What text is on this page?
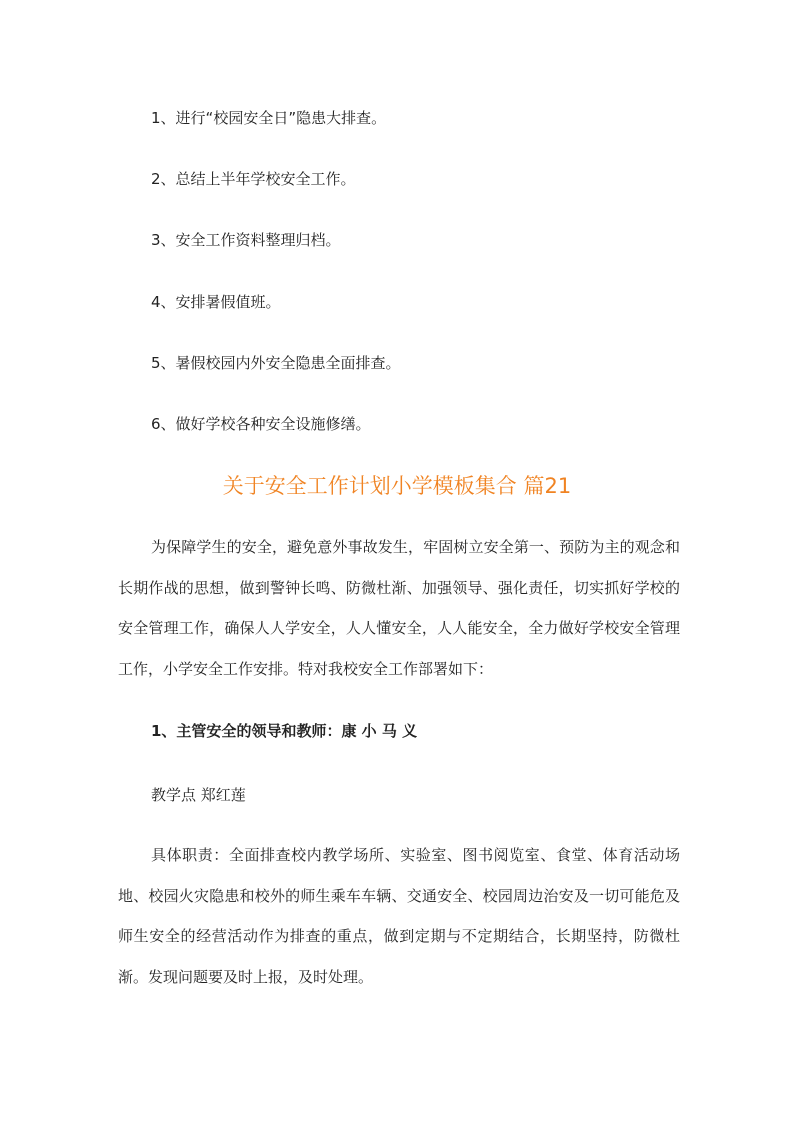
1、进行“校园安全日”隐患大排查。
2、总结上半年学校安全工作。
3、安全工作资料整理归档。
4、安排暑假值班。
5、暑假校园内外安全隐患全面排查。
6、做好学校各种安全设施修缮。
关于安全工作计划小学模板集合 篇21

为保障学生的安全，避免意外事故发生，牢固树立安全第一、预防为主的观念和长期作战的思想，做到警钟长鸣、防微杜渐、加强领导、强化责任，切实抓好学校的安全管理工作，确保人人学安全，人人懂安全，人人能安全，全力做好学校安全管理工作，小学安全工作安排。特对我校安全工作部署如下：

1、主管安全的领导和教师：康 小 马 义
教学点 郑红莲

具体职责：全面排查校内教学场所、实验室、图书阅览室、食堂、体育活动场地、校园火灾隐患和校外的师生乘车车辆、交通安全、校园周边治安及一切可能危及师生安全的经营活动作为排查的重点，做到定期与不定期结合，长期坚持，防微杜渐。发现问题要及时上报，及时处理。
